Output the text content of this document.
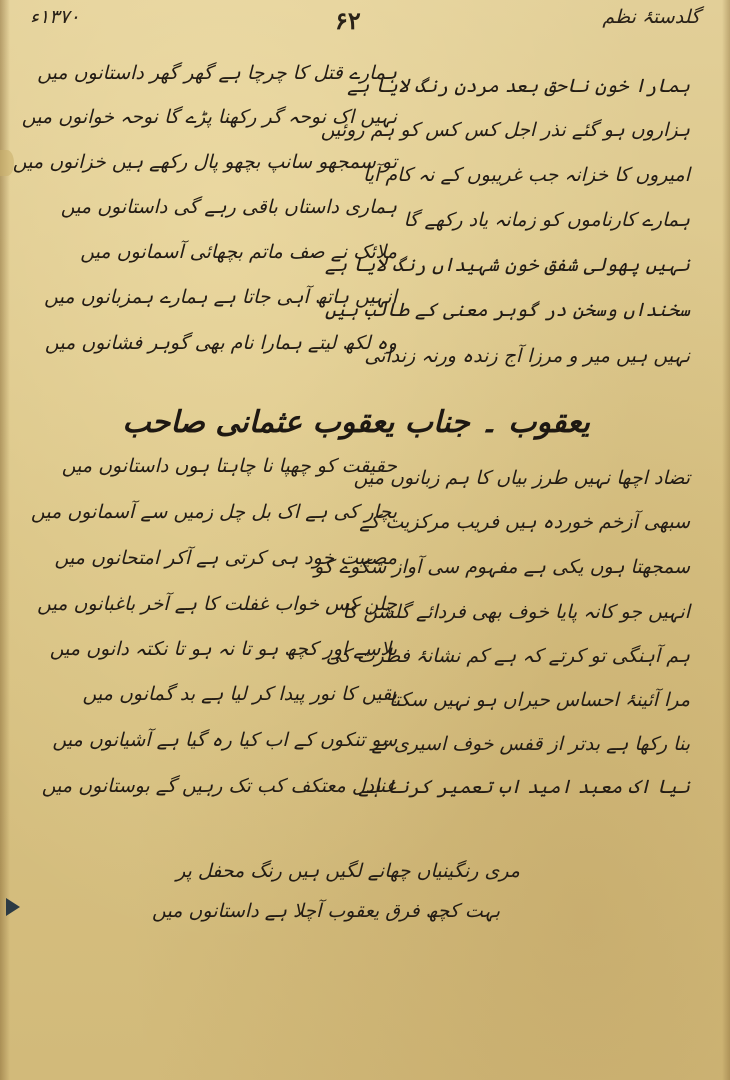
گلدستۂ نظم
۶۲
۱۳۷۰ء
ہمارا خون ناحق بعد مردن رنگ لایا ہے
ہزاروں ہو گئے نذر اجل کس کس کو ہم روئیں
امیروں کا خزانہ جب غریبوں کے نہ کام آیا
ہمارے کارناموں کو زمانہ یاد رکھے گا
نہیں پھولی شفق خون شہیداں رنگ لایا ہے
سخنداں وسخن در گوہر معنی کے طالب ہیں
نہیں ہیں میر و مرزا آج زندہ ورنہ زندانی
ہمارے قتل کا چرچا ہے گھر گھر داستانوں میں
نہیں اک نوحہ گر رکھنا پڑے گا نوحہ خوانوں میں
تو سمجھو سانپ بچھو پال رکھے ہیں خزانوں میں
ہماری داستاں باقی رہے گی داستانوں میں
ملائک نے صف ماتم بچھائی آسمانوں میں
انہیں ہاتھ آہی جاتا ہے ہمارے ہمزبانوں میں
وہ لکھ لیتے ہمارا نام بھی گوہر فشانوں میں
یعقوب ۔ جناب یعقوب عثمانی صاحب
تضاد اچھا نہیں طرز بیاں کا ہم زبانوں میں
سبھی آزخم خوردہ ہیں فریب مرکزیت کے
سمجھتا ہوں یکی ہے مفہوم سی آواز شکوے کو
انہیں جو کانہ پایا خوف بھی فردائے گلشن کا
ہم آہنگی تو کرتے کہ ہے کم نشانۂ فطرت کی
مرا آئینۂ احساس حیراں ہو نہیں سکتا
بنا رکھا ہے بدتر از قفس خوف اسیری نے
نیا اک معبد امید اب تعمیر کرنا ہے
حقیقت کو چھپا نا چاہتا ہوں داستانوں میں
بچار کی ہے اک بل چل زمیں سے آسمانوں میں
مصیبت خود ہی کرتی ہے آکر امتحانوں میں
چلن کس خواب غفلت کا ہے آخر باغبانوں میں
بلاسے اور کچھ ہو تا نہ ہو تا نکتہ دانوں میں
یقیں کا نور پیدا کر لیا ہے بد گمانوں میں
سو تنکوں کے اب کیا رہ گیا ہے آشیانوں میں
عنادل معتکف کب تک رہیں گے بوستانوں میں
مری رنگینیاں چھانے لگیں ہیں رنگ محفل پر
بہت کچھ فرق یعقوب آچلا ہے داستانوں میں
